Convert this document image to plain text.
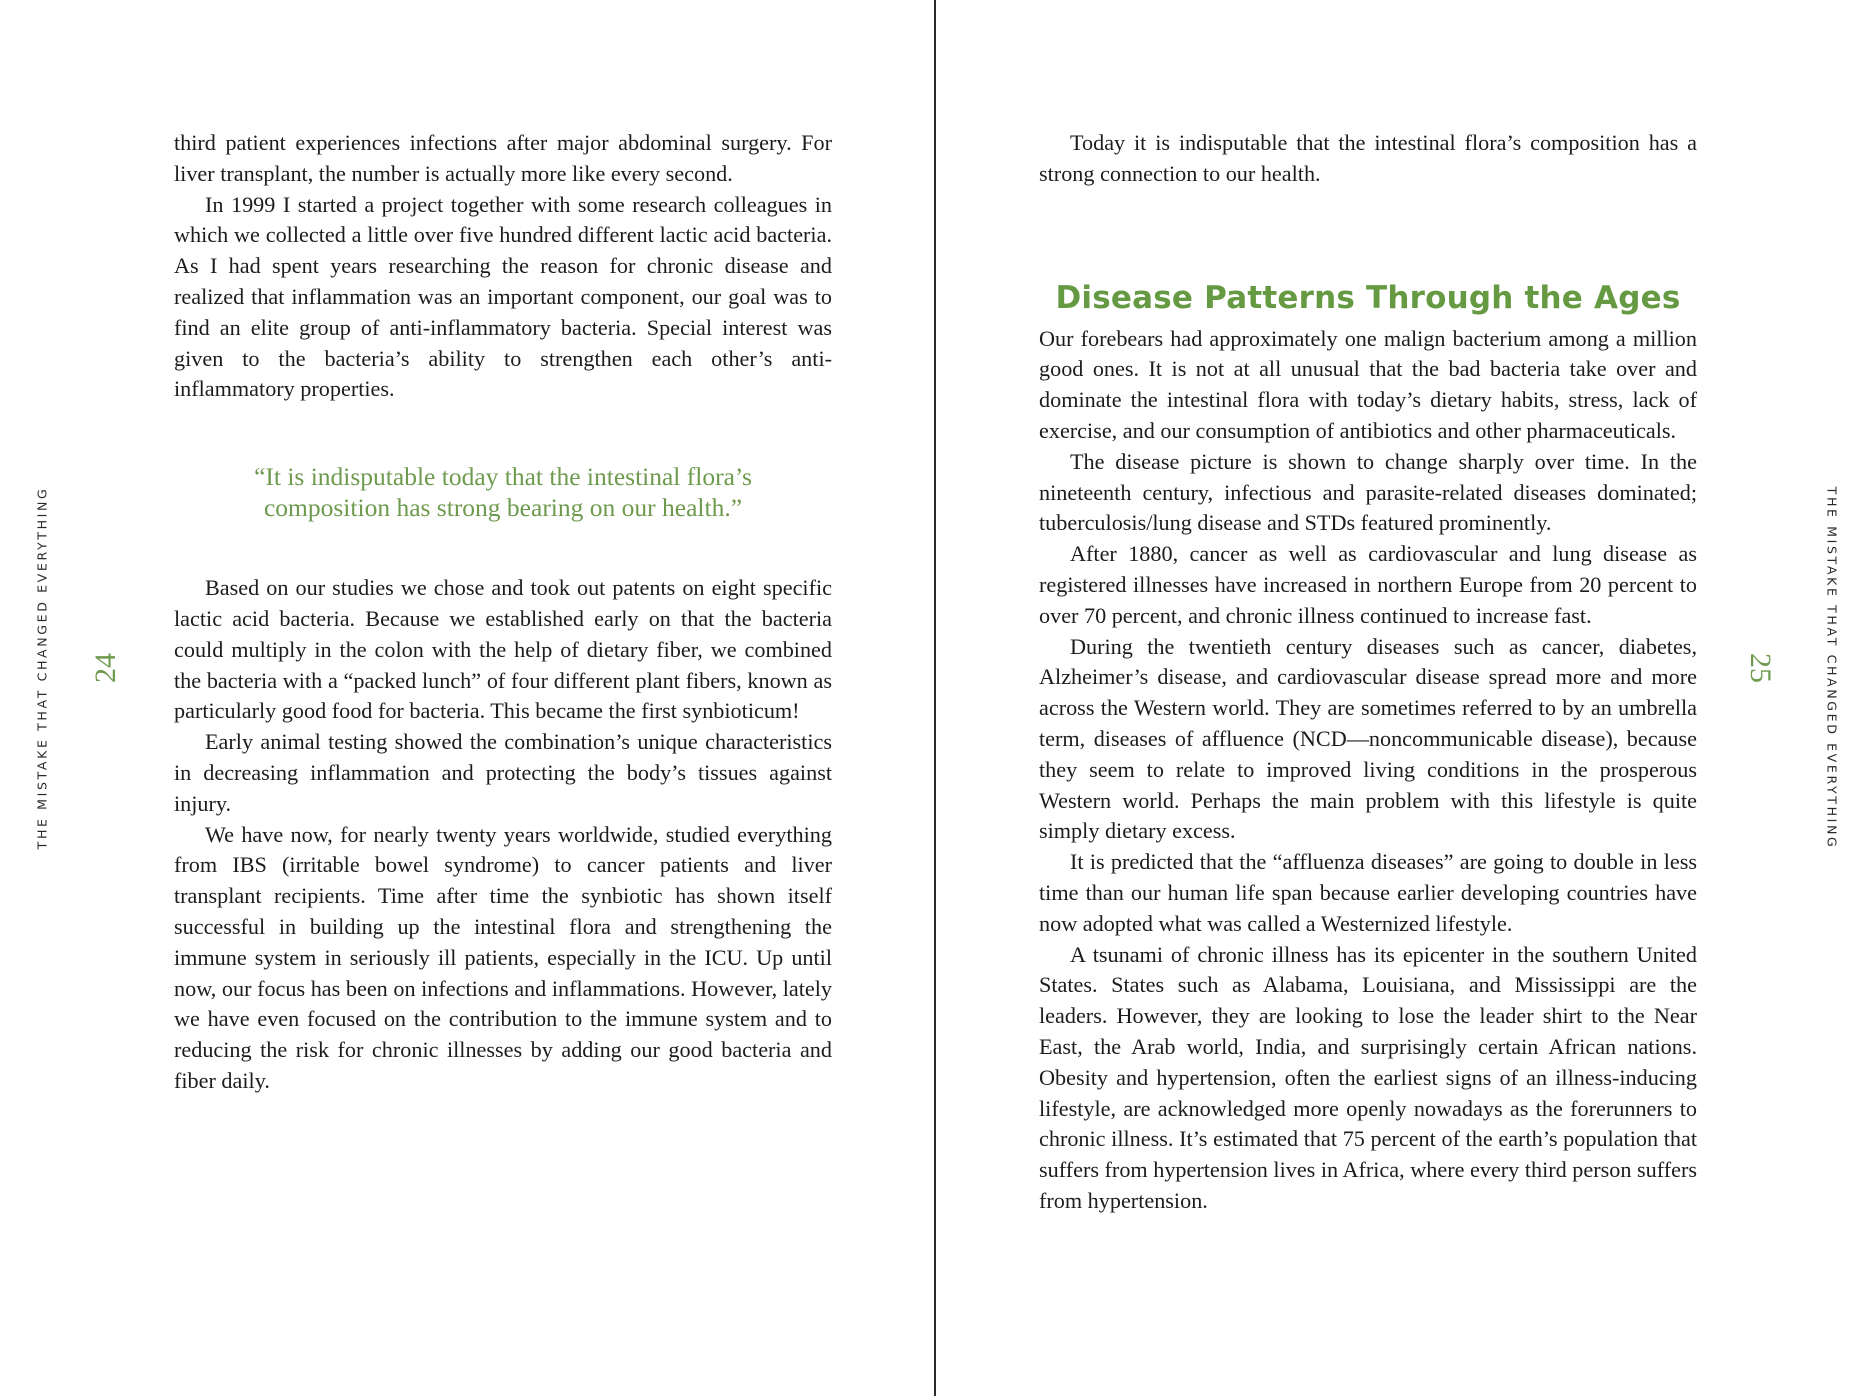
THE MISTAKE THAT CHANGED EVERYTHING 24

third patient experiences infections after major abdominal surgery. For liver transplant, the number is actually more like every second.

In 1999 I started a project together with some research colleagues in which we collected a little over five hundred different lactic acid bacteria. As I had spent years researching the reason for chronic disease and realized that inflammation was an important component, our goal was to find an elite group of anti-inflammatory bacteria. Special interest was given to the bacteria’s ability to strengthen each other’s anti-inflammatory properties.

“It is indisputable today that the intestinal flora’s composition has strong bearing on our health.”

Based on our studies we chose and took out patents on eight specific lactic acid bacteria. Because we established early on that the bacteria could multiply in the colon with the help of dietary fiber, we combined the bacteria with a “packed lunch” of four different plant fibers, known as particularly good food for bacteria. This became the first synbioticum!

Early animal testing showed the combination’s unique characteristics in decreasing inflammation and protecting the body’s tissues against injury.

We have now, for nearly twenty years worldwide, studied everything from IBS (irritable bowel syndrome) to cancer patients and liver transplant recipients. Time after time the synbiotic has shown itself successful in building up the intestinal flora and strengthening the immune system in seriously ill patients, especially in the ICU. Up until now, our focus has been on infections and inflammations. However, lately we have even focused on the contribution to the immune system and to reducing the risk for chronic illnesses by adding our good bacteria and fiber daily.

Today it is indisputable that the intestinal flora’s composition has a strong connection to our health.

Disease Patterns Through the Ages

Our forebears had approximately one malign bacterium among a million good ones. It is not at all unusual that the bad bacteria take over and dominate the intestinal flora with today’s dietary habits, stress, lack of exercise, and our consumption of antibiotics and other pharmaceuticals.

The disease picture is shown to change sharply over time. In the nineteenth century, infectious and parasite-related diseases dominated; tuberculosis/lung disease and STDs featured prominently.

After 1880, cancer as well as cardiovascular and lung disease as registered illnesses have increased in northern Europe from 20 percent to over 70 percent, and chronic illness continued to increase fast.

During the twentieth century diseases such as cancer, diabetes, Alzheimer’s disease, and cardiovascular disease spread more and more across the Western world. They are sometimes referred to by an umbrella term, diseases of affluence (NCD—noncommunicable disease), because they seem to relate to improved living conditions in the prosperous Western world. Perhaps the main problem with this lifestyle is quite simply dietary excess.

It is predicted that the “affluenza diseases” are going to double in less time than our human life span because earlier developing countries have now adopted what was called a Westernized lifestyle.

A tsunami of chronic illness has its epicenter in the southern United States. States such as Alabama, Louisiana, and Mississippi are the leaders. However, they are looking to lose the leader shirt to the Near East, the Arab world, India, and surprisingly certain African nations. Obesity and hypertension, often the earliest signs of an illness-inducing lifestyle, are acknowledged more openly nowadays as the forerunners to chronic illness. It’s estimated that 75 percent of the earth’s population that suffers from hypertension lives in Africa, where every third person suffers from hypertension.

25	THE MISTAKE THAT CHANGED EVERYTHING
